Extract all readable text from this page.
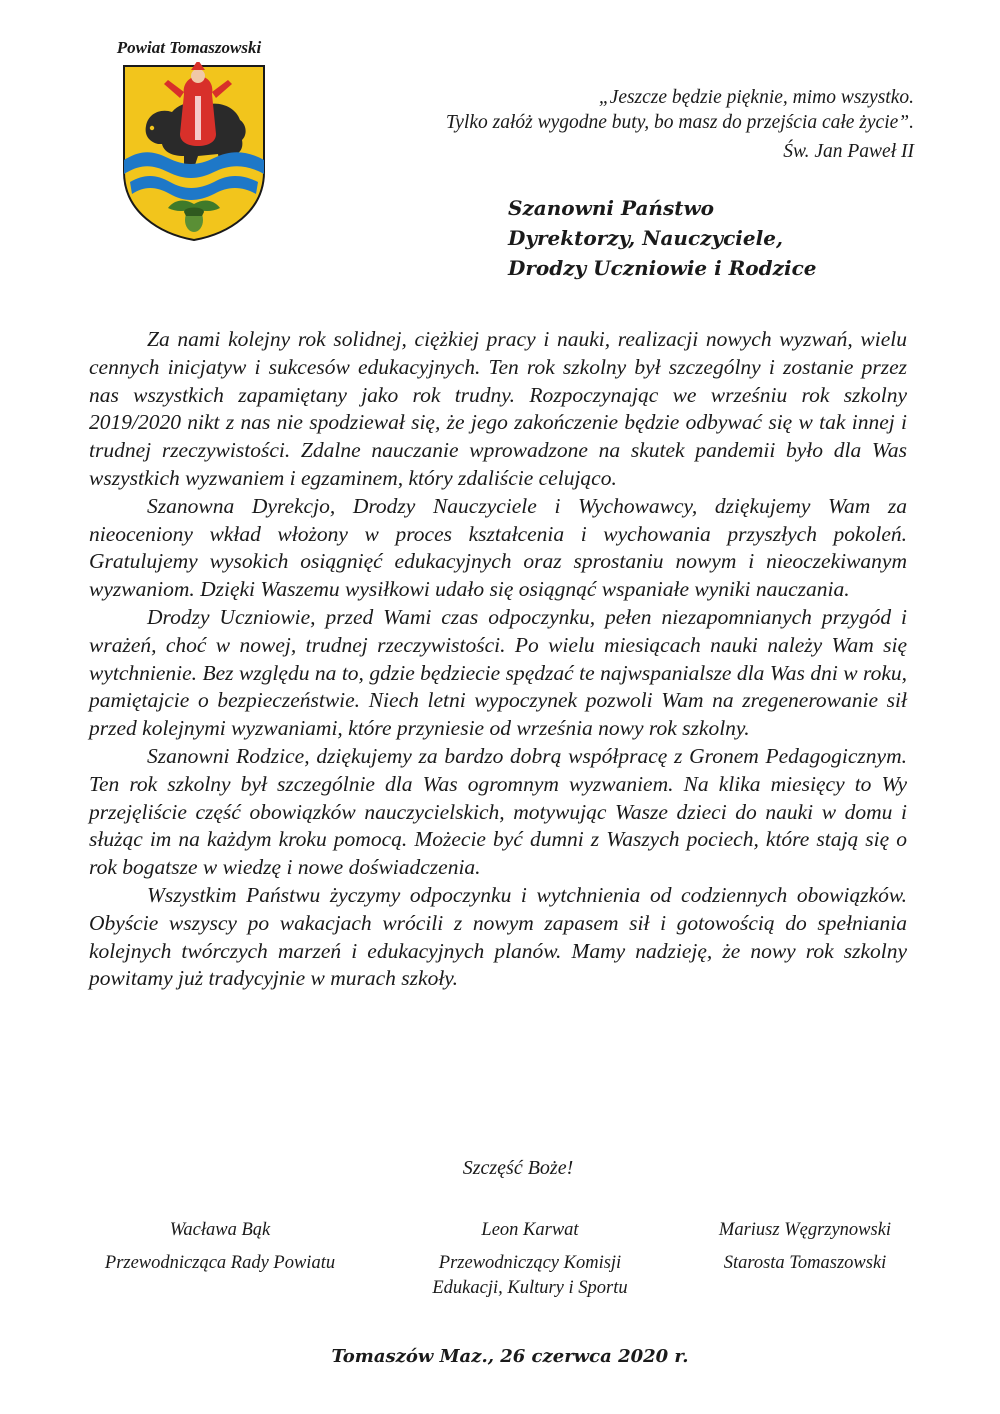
Powiat Tomaszowski
„Jeszcze będzie pięknie, mimo wszystko.
Tylko załóż wygodne buty, bo masz do przejścia całe życie”.
Św. Jan Paweł II
Szanowni Państwo
Dyrektorzy, Nauczyciele,
Drodzy Uczniowie i Rodzice

Za nami kolejny rok solidnej, ciężkiej pracy i nauki, realizacji nowych wyzwań, wielu cennych inicjatyw i sukcesów edukacyjnych. Ten rok szkolny był szczególny i zostanie przez nas wszystkich zapamiętany jako rok trudny. Rozpoczynając we wrześniu rok szkolny 2019/2020 nikt z nas nie spodziewał się, że jego zakończenie będzie odbywać się w tak innej i trudnej rzeczywistości. Zdalne nauczanie wprowadzone na skutek pandemii było dla Was wszystkich wyzwaniem i egzaminem, który zdaliście celująco.

Szanowna Dyrekcjo, Drodzy Nauczyciele i Wychowawcy, dziękujemy Wam za nieoceniony wkład włożony w proces kształcenia i wychowania przyszłych pokoleń. Gratulujemy wysokich osiągnięć edukacyjnych oraz sprostaniu nowym i nieoczekiwanym wyzwaniom. Dzięki Waszemu wysiłkowi udało się osiągnąć wspaniałe wyniki nauczania.

Drodzy Uczniowie, przed Wami czas odpoczynku, pełen niezapomnianych przygód i wrażeń, choć w nowej, trudnej rzeczywistości. Po wielu miesiącach nauki należy Wam się wytchnienie. Bez względu na to, gdzie będziecie spędzać te najwspanialsze dla Was dni w roku, pamiętajcie o bezpieczeństwie. Niech letni wypoczynek pozwoli Wam na zregenerowanie sił przed kolejnymi wyzwaniami, które przyniesie od września nowy rok szkolny.

Szanowni Rodzice, dziękujemy za bardzo dobrą współpracę z Gronem Pedagogicznym. Ten rok szkolny był szczególnie dla Was ogromnym wyzwaniem. Na klika miesięcy to Wy przejęliście część obowiązków nauczycielskich, motywując Wasze dzieci do nauki w domu i służąc im na każdym kroku pomocą. Możecie być dumni z Waszych pociech, które stają się o rok bogatsze w wiedzę i nowe doświadczenia.

Wszystkim Państwu życzymy odpoczynku i wytchnienia od codziennych obowiązków. Obyście wszyscy po wakacjach wrócili z nowym zapasem sił i gotowością do spełniania kolejnych twórczych marzeń i edukacyjnych planów. Mamy nadzieję, że nowy rok szkolny powitamy już tradycyjnie w murach szkoły.

Szczęść Boże!
Wacława Bąk
Przewodnicząca Rady Powiatu
Leon Karwat
Przewodniczący Komisji
Edukacji, Kultury i Sportu
Mariusz Węgrzynowski
Starosta Tomaszowski
Tomaszów Maz., 26 czerwca 2020 r.
